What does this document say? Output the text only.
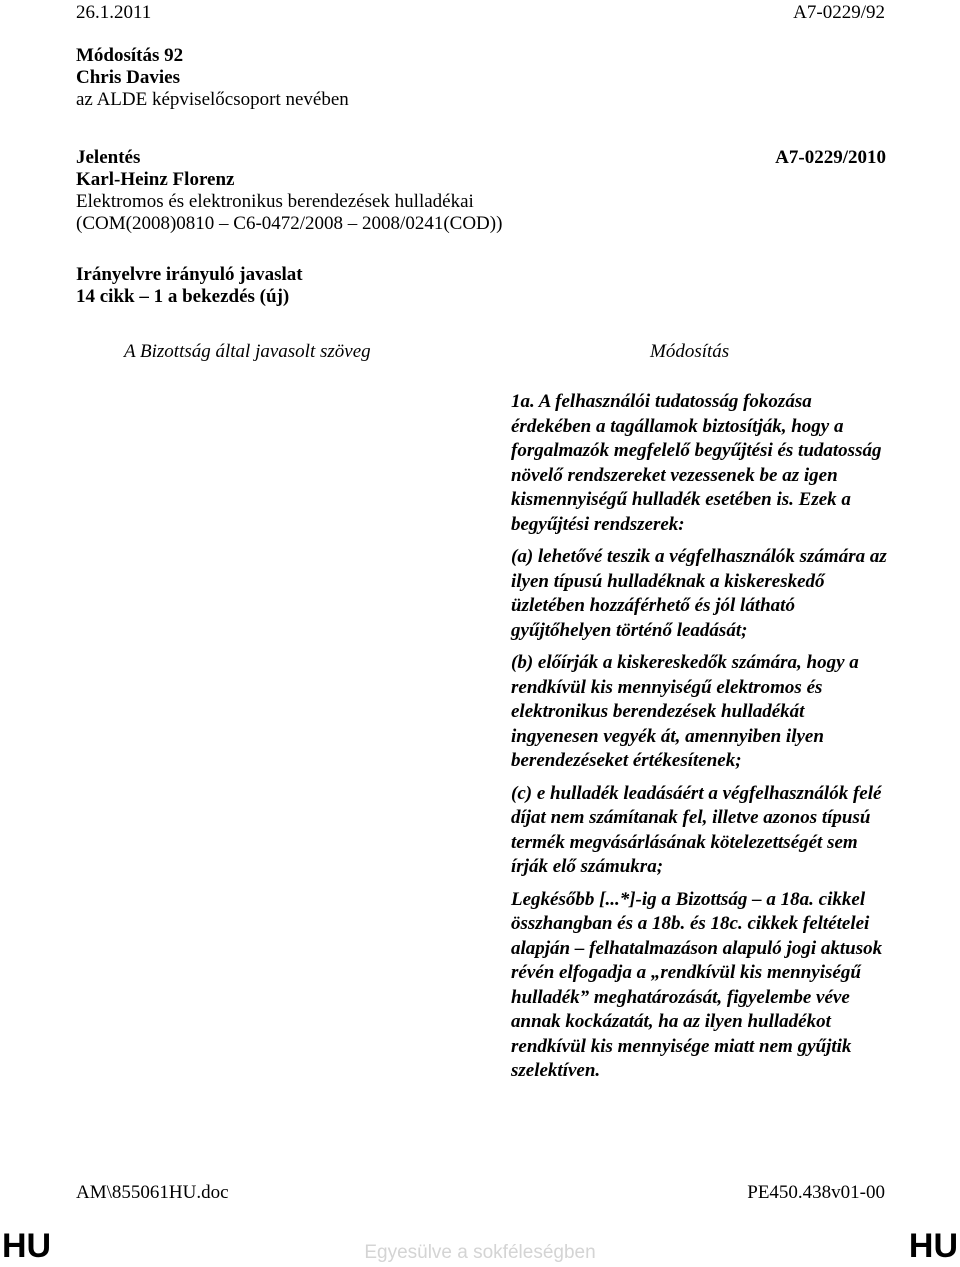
26.1.2011	A7-0229/92
Módosítás 92
Chris Davies
az ALDE képviselőcsoport nevében
Jelentés	A7-0229/2010
Karl-Heinz Florenz
Elektromos és elektronikus berendezések hulladékai
(COM(2008)0810 – C6-0472/2008 – 2008/0241(COD))
Irányelvre irányuló javaslat
14 cikk – 1 a bekezdés (új)
A Bizottság által javasolt szöveg	Módosítás

1a. A felhasználói tudatosság fokozása érdekében a tagállamok biztosítják, hogy a forgalmazók megfelelő begyűjtési és tudatosság növelő rendszereket vezessenek be az igen kismennyiségű hulladék esetében is. Ezek a begyűjtési rendszerek:

(a) lehetővé teszik a végfelhasználók számára az ilyen típusú hulladéknak a kiskereskedő üzletében hozzáférhető és jól látható gyűjtőhelyen történő leadását;

(b) előírják a kiskereskedők számára, hogy a rendkívül kis mennyiségű elektromos és elektronikus berendezések hulladékát ingyenesen vegyék át, amennyiben ilyen berendezéseket értékesítenek;

(c) e hulladék leadásáért a végfelhasználók felé díjat nem számítanak fel, illetve azonos típusú termék megvásárlásának kötelezettségét sem írják elő számukra;

Legkésőbb [...*]-ig a Bizottság – a 18a. cikkel összhangban és a 18b. és 18c. cikkek feltételei alapján – felhatalmazáson alapuló jogi aktusok révén elfogadja a „rendkívül kis mennyiségű hulladék” meghatározását, figyelembe véve annak kockázatát, ha az ilyen hulladékot rendkívül kis mennyisége miatt nem gyűjtik szelektíven.

AM\855061HU.doc	PE450.438v01-00
HU	HU
Egyesülve a sokféleségben
